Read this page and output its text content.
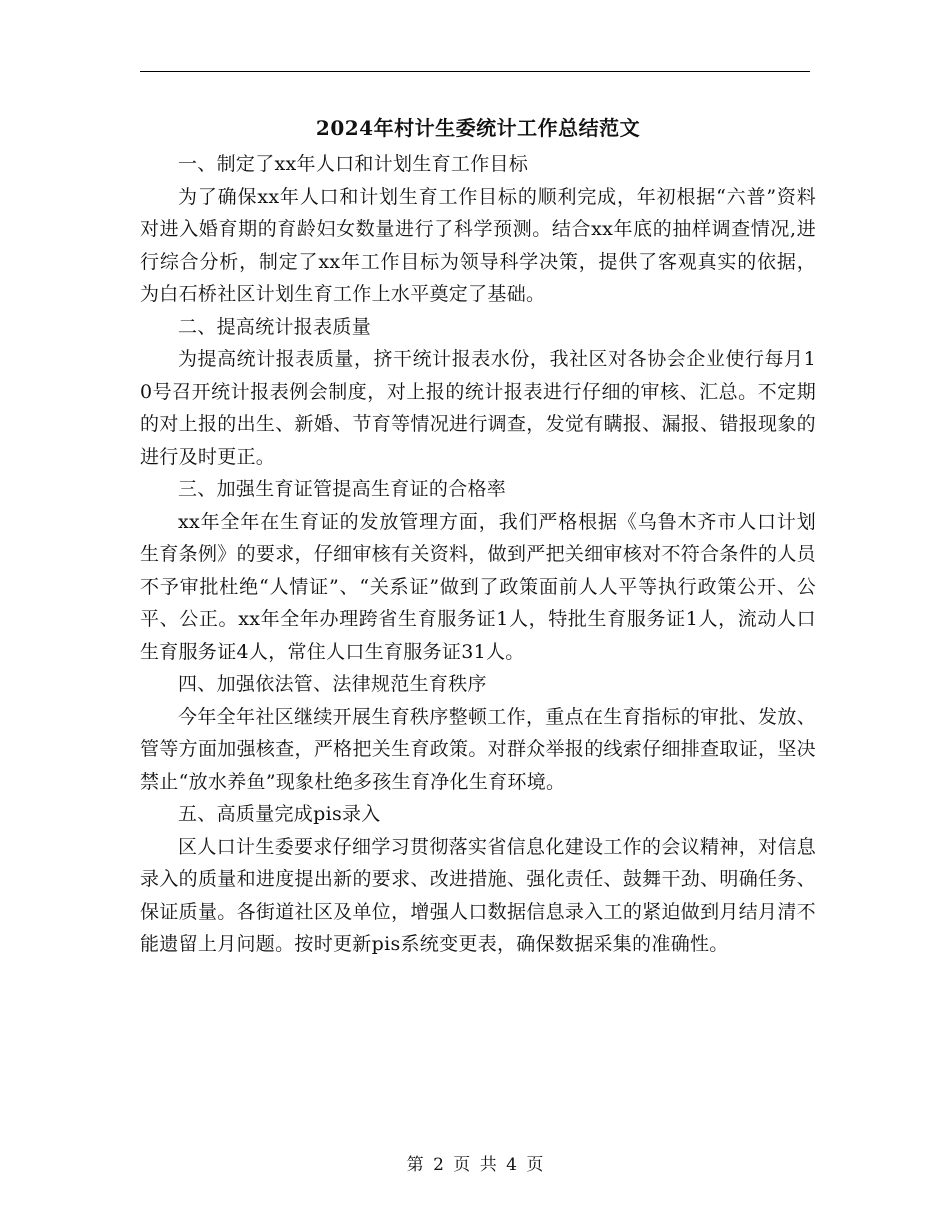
2024年村计生委统计工作总结范文

一、制定了xx年人口和计划生育工作目标

为了确保xx年人口和计划生育工作目标的顺利完成，年初根据“六普”资料对进入婚育期的育龄妇女数量进行了科学预测。结合xx年底的抽样调查情况,进行综合分析，制定了xx年工作目标为领导科学决策，提供了客观真实的依据，为白石桥社区计划生育工作上水平奠定了基础。

二、提高统计报表质量

为提高统计报表质量，挤干统计报表水份，我社区对各协会企业使行每月10号召开统计报表例会制度，对上报的统计报表进行仔细的审核、汇总。不定期的对上报的出生、新婚、节育等情况进行调查，发觉有瞒报、漏报、错报现象的进行及时更正。

三、加强生育证管提高生育证的合格率

xx年全年在生育证的发放管理方面，我们严格根据《乌鲁木齐市人口计划生育条例》的要求，仔细审核有关资料，做到严把关细审核对不符合条件的人员不予审批杜绝“人情证”、“关系证”做到了政策面前人人平等执行政策公开、公平、公正。xx年全年办理跨省生育服务证1人，特批生育服务证1人，流动人口生育服务证4人，常住人口生育服务证31人。

四、加强依法管、法律规范生育秩序

今年全年社区继续开展生育秩序整顿工作，重点在生育指标的审批、发放、管等方面加强核查，严格把关生育政策。对群众举报的线索仔细排查取证，坚决禁止“放水养鱼”现象杜绝多孩生育净化生育环境。

五、高质量完成pis录入

区人口计生委要求仔细学习贯彻落实省信息化建设工作的会议精神，对信息录入的质量和进度提出新的要求、改进措施、强化责任、鼓舞干劲、明确任务、保证质量。各街道社区及单位，增强人口数据信息录入工的紧迫做到月结月清不能遗留上月问题。按时更新pis系统变更表，确保数据采集的准确性。

第 2 页 共 4 页
